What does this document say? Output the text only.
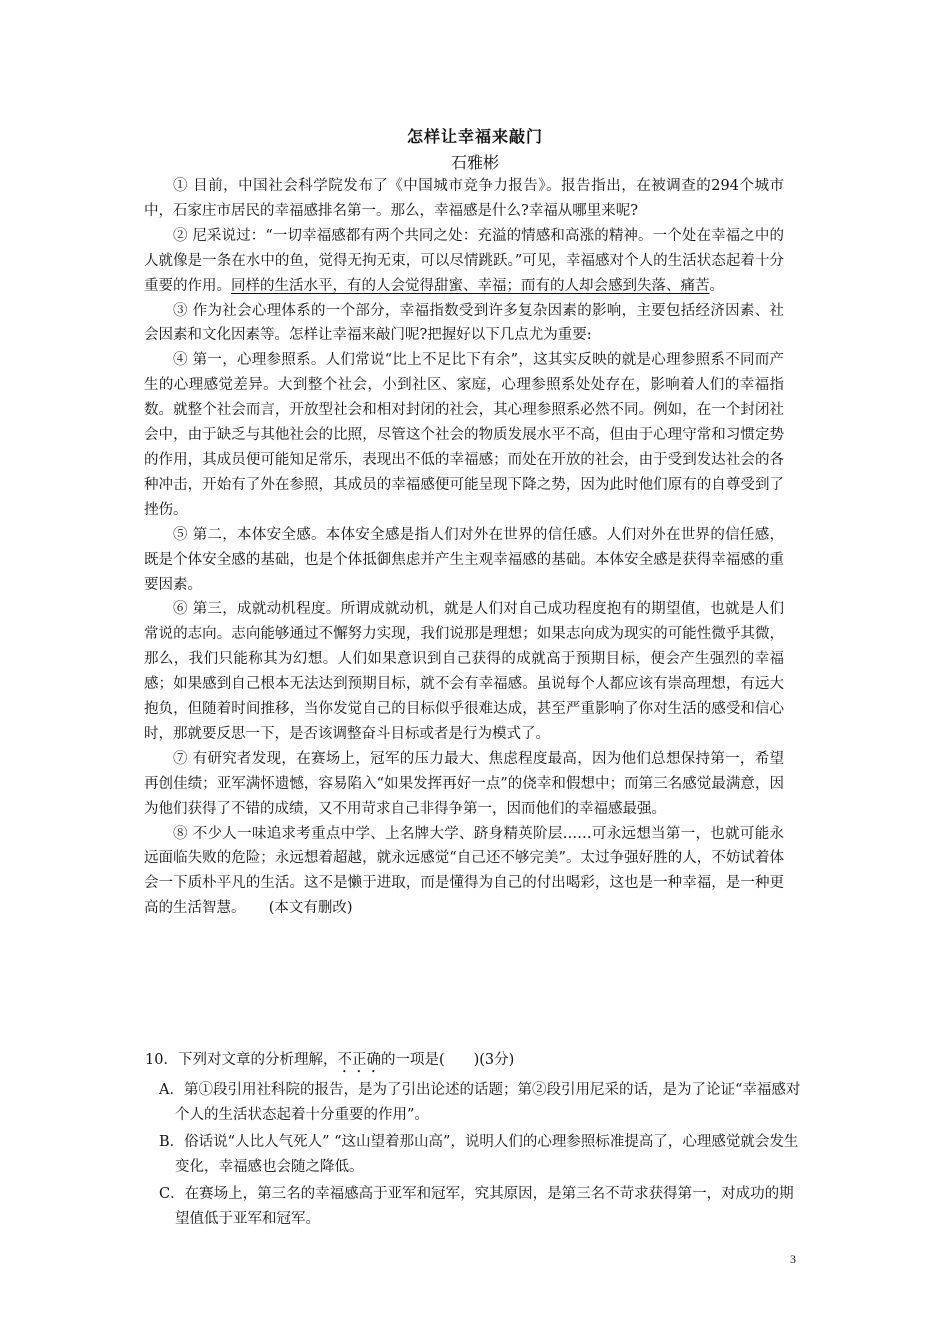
怎样让幸福来敲门

石雅彬

① 目前，中国社会科学院发布了《中国城市竞争力报告》。报告指出，在被调查的294个城市中，石家庄市居民的幸福感排名第一。那么，幸福感是什么?幸福从哪里来呢?

② 尼采说过：“一切幸福感都有两个共同之处：充溢的情感和高涨的精神。一个处在幸福之中的人就像是一条在水中的鱼，觉得无拘无束，可以尽情跳跃。”可见，幸福感对个人的生活状态起着十分重要的作用。同样的生活水平，有的人会觉得甜蜜、幸福；而有的人却会感到失落、痛苦。

③ 作为社会心理体系的一个部分，幸福指数受到许多复杂因素的影响，主要包括经济因素、社会因素和文化因素等。怎样让幸福来敲门呢?把握好以下几点尤为重要:

④ 第一，心理参照系。人们常说“比上不足比下有余”，这其实反映的就是心理参照系不同而产生的心理感觉差异。大到整个社会，小到社区、家庭，心理参照系处处存在，影响着人们的幸福指数。就整个社会而言，开放型社会和相对封闭的社会，其心理参照系必然不同。例如，在一个封闭社会中，由于缺乏与其他社会的比照，尽管这个社会的物质发展水平不高，但由于心理守常和习惯定势的作用，其成员便可能知足常乐，表现出不低的幸福感；而处在开放的社会，由于受到发达社会的各种冲击，开始有了外在参照，其成员的幸福感便可能呈现下降之势，因为此时他们原有的自尊受到了挫伤。

⑤ 第二，本体安全感。本体安全感是指人们对外在世界的信任感。人们对外在世界的信任感，既是个体安全感的基础，也是个体抵御焦虑并产生主观幸福感的基础。本体安全感是获得幸福感的重要因素。

⑥ 第三，成就动机程度。所谓成就动机，就是人们对自己成功程度抱有的期望值，也就是人们常说的志向。志向能够通过不懈努力实现，我们说那是理想；如果志向成为现实的可能性微乎其微，那么，我们只能称其为幻想。人们如果意识到自己获得的成就高于预期目标，便会产生强烈的幸福感；如果感到自己根本无法达到预期目标，就不会有幸福感。虽说每个人都应该有崇高理想，有远大抱负，但随着时间推移，当你发觉自己的目标似乎很难达成，甚至严重影响了你对生活的感受和信心时，那就要反思一下，是否该调整奋斗目标或者是行为模式了。

⑦ 有研究者发现，在赛场上，冠军的压力最大、焦虑程度最高，因为他们总想保持第一，希望再创佳绩；亚军满怀遗憾，容易陷入“如果发挥再好一点”的侥幸和假想中；而第三名感觉最满意，因为他们获得了不错的成绩，又不用苛求自己非得争第一，因而他们的幸福感最强。

⑧ 不少人一味追求考重点中学、上名牌大学、跻身精英阶层……可永远想当第一，也就可能永远面临失败的危险；永远想着超越，就永远感觉“自己还不够完美”。太过争强好胜的人，不妨试着体会一下质朴平凡的生活。这不是懒于进取，而是懂得为自己的付出喝彩，这也是一种幸福，是一种更高的生活智慧。 (本文有删改)

10．下列对文章的分析理解，不正确的一项是(　　)(3分)

A．第①段引用社科院的报告，是为了引出论述的话题；第②段引用尼采的话，是为了论证“幸福感对个人的生活状态起着十分重要的作用”。

B．俗话说“人比人气死人” “这山望着那山高”，说明人们的心理参照标准提高了，心理感觉就会发生变化，幸福感也会随之降低。

C．在赛场上，第三名的幸福感高于亚军和冠军，究其原因，是第三名不苛求获得第一，对成功的期望值低于亚军和冠军。

3
